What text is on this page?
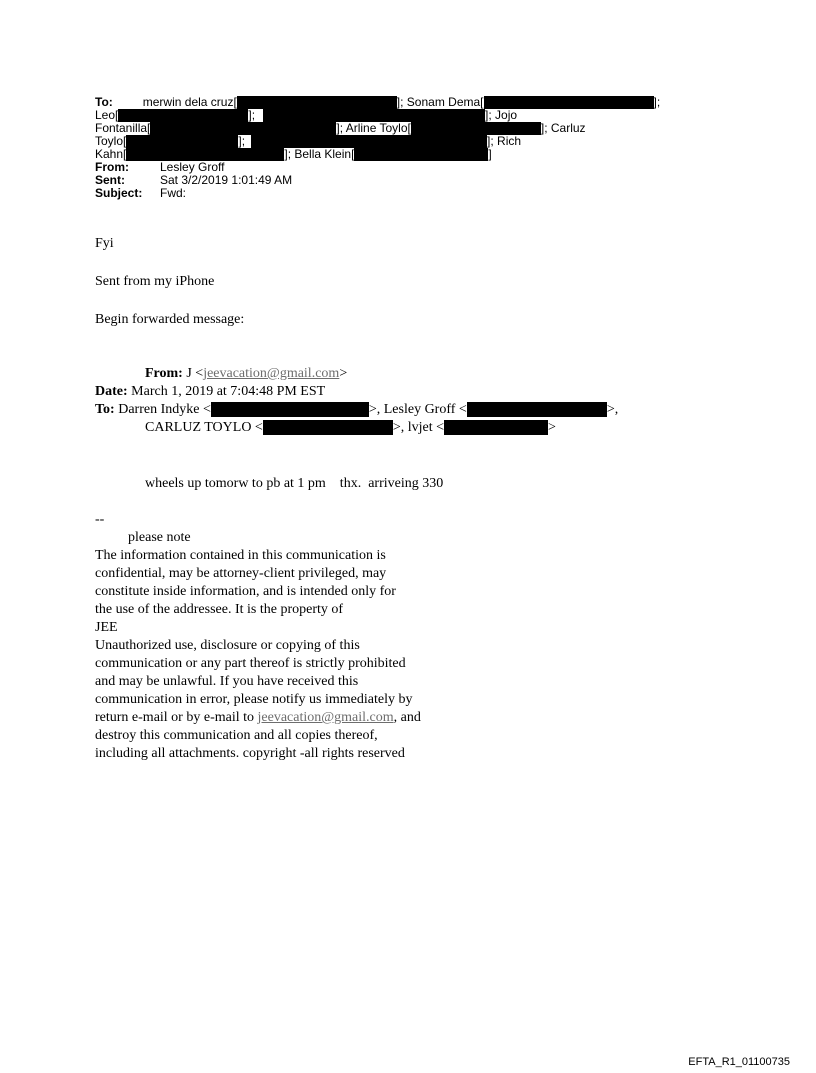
To:	merwin dela cruz[	]; Sonam Dema[	];
Leo[	];	]; Jojo
Fontanilla[	]; Arline Toylo[	]; Carluz
Toylo[	];	]; Rich
Kahn[	]; Bella Klein[	]
From:	Lesley Groff
Sent:	Sat 3/2/2019 1:01:49 AM
Subject: Fwd:
Fyi
Sent from my iPhone
Begin forwarded message:
From: J <jeevacation@gmail.com>
Date: March 1, 2019 at 7:04:48 PM EST
To: Darren Indyke <	>, Lesley Groff <	>,
CARLUZ TOYLO <	>, lvjet <	>
wheels up tomorw to pb at 1 pm    thx.  arriveing 330
--
please note
The information contained in this communication is
confidential, may be attorney-client privileged, may
constitute inside information, and is intended only for
the use of the addressee. It is the property of
JEE
Unauthorized use, disclosure or copying of this
communication or any part thereof is strictly prohibited
and may be unlawful. If you have received this
communication in error, please notify us immediately by
return e-mail or by e-mail to jeevacation@gmail.com, and
destroy this communication and all copies thereof,
including all attachments. copyright -all rights reserved
EFTA_R1_01100735
